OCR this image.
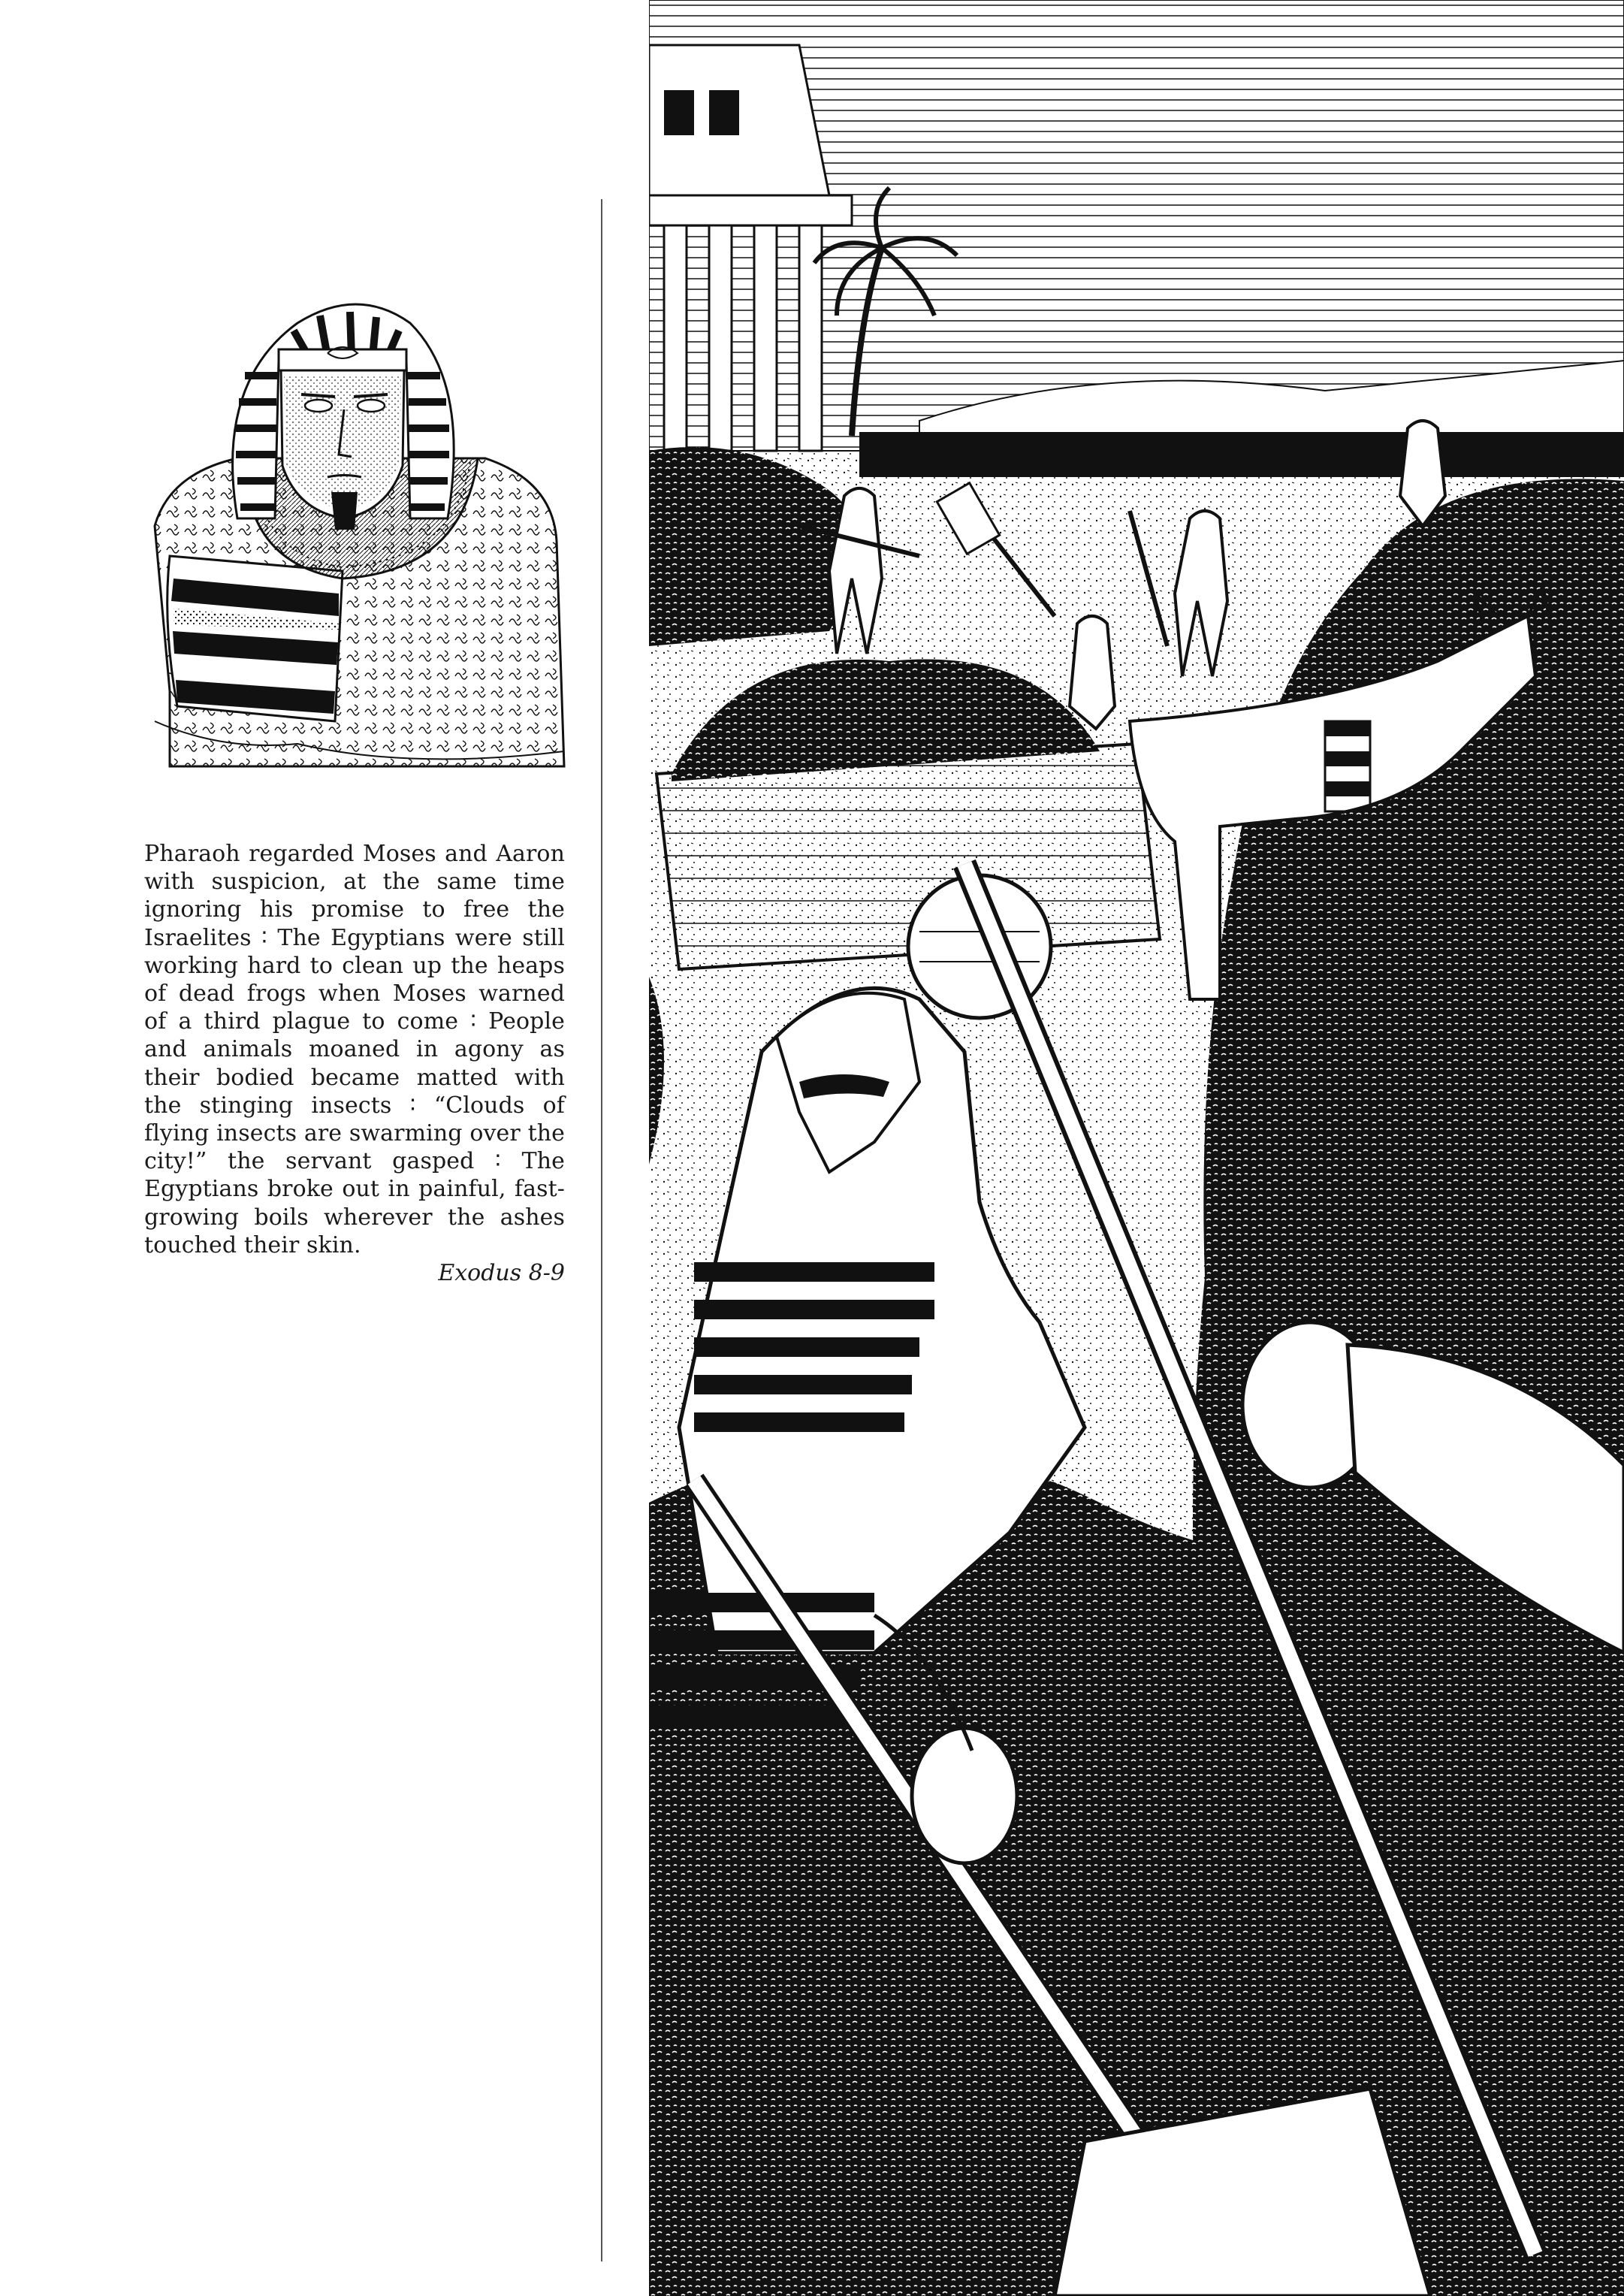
Pharaoh regarded Moses and Aaron with suspicion, at the same time ignoring his promise to free the Israelites ∶ The Egyptians were still working hard to clean up the heaps of dead frogs when Moses warned of a third plague to come ∶ People and animals moaned in agony as their bodied became matted with the stinging insects ∶ “Clouds of flying insects are swarming over the city!” the servant gasped ∶ The Egyptians broke out in painful, fast-growing boils wherever the ashes touched their skin.

Exodus 8-9
